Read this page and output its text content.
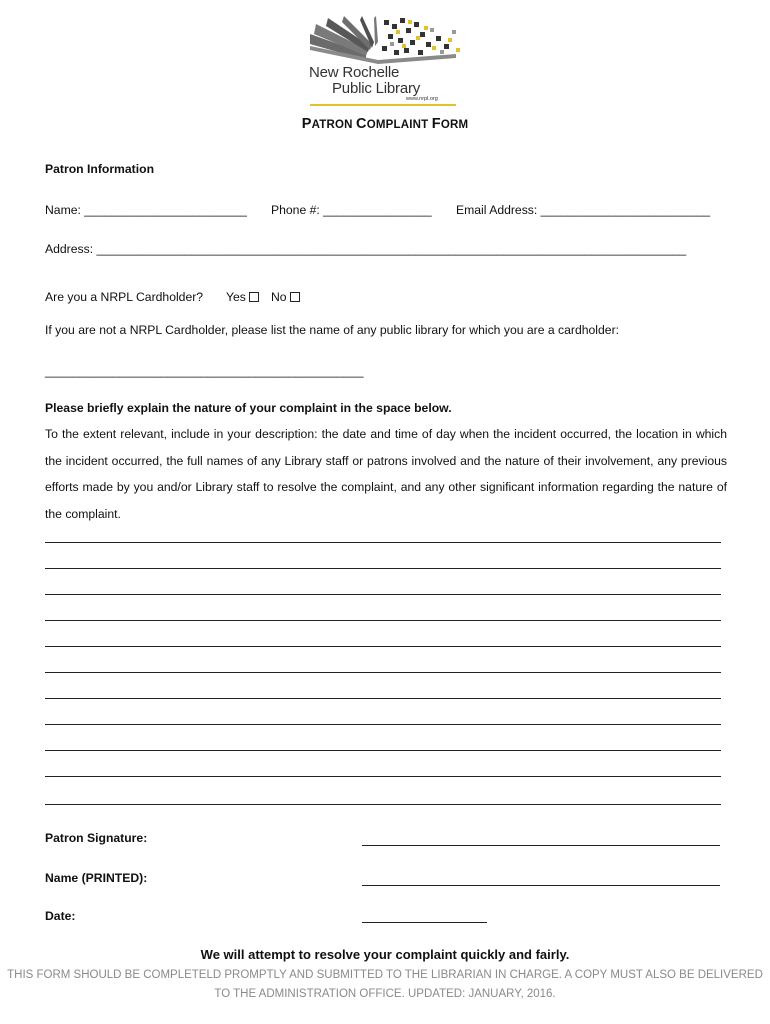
New Rochelle
Public Library
www.nrpl.org
PATRON COMPLAINT FORM
Patron Information
Name: ________________________ Phone #: ________________ Email Address: _________________________
Address: _______________________________________________________________________________________
Are you a NRPL Cardholder? Yes	No
If you are not a NRPL Cardholder, please list the name of any public library for which you are a cardholder:
_______________________________________________
Please briefly explain the nature of your complaint in the space below.
To the extent relevant, include in your description: the date and time of day when the incident occurred, the location in which the incident occurred, the full names of any Library staff or patrons involved and the nature of their involvement, any previous efforts made by you and/or Library staff to resolve the complaint, and any other significant information regarding the nature of the complaint.
Patron Signature:
Name (PRINTED):
Date:
We will attempt to resolve your complaint quickly and fairly.
THIS FORM SHOULD BE COMPLETELD PROMPTLY AND SUBMITTED TO THE LIBRARIAN IN CHARGE. A COPY MUST ALSO BE DELIVERED TO THE ADMINISTRATION OFFICE. UPDATED: JANUARY, 2016.
